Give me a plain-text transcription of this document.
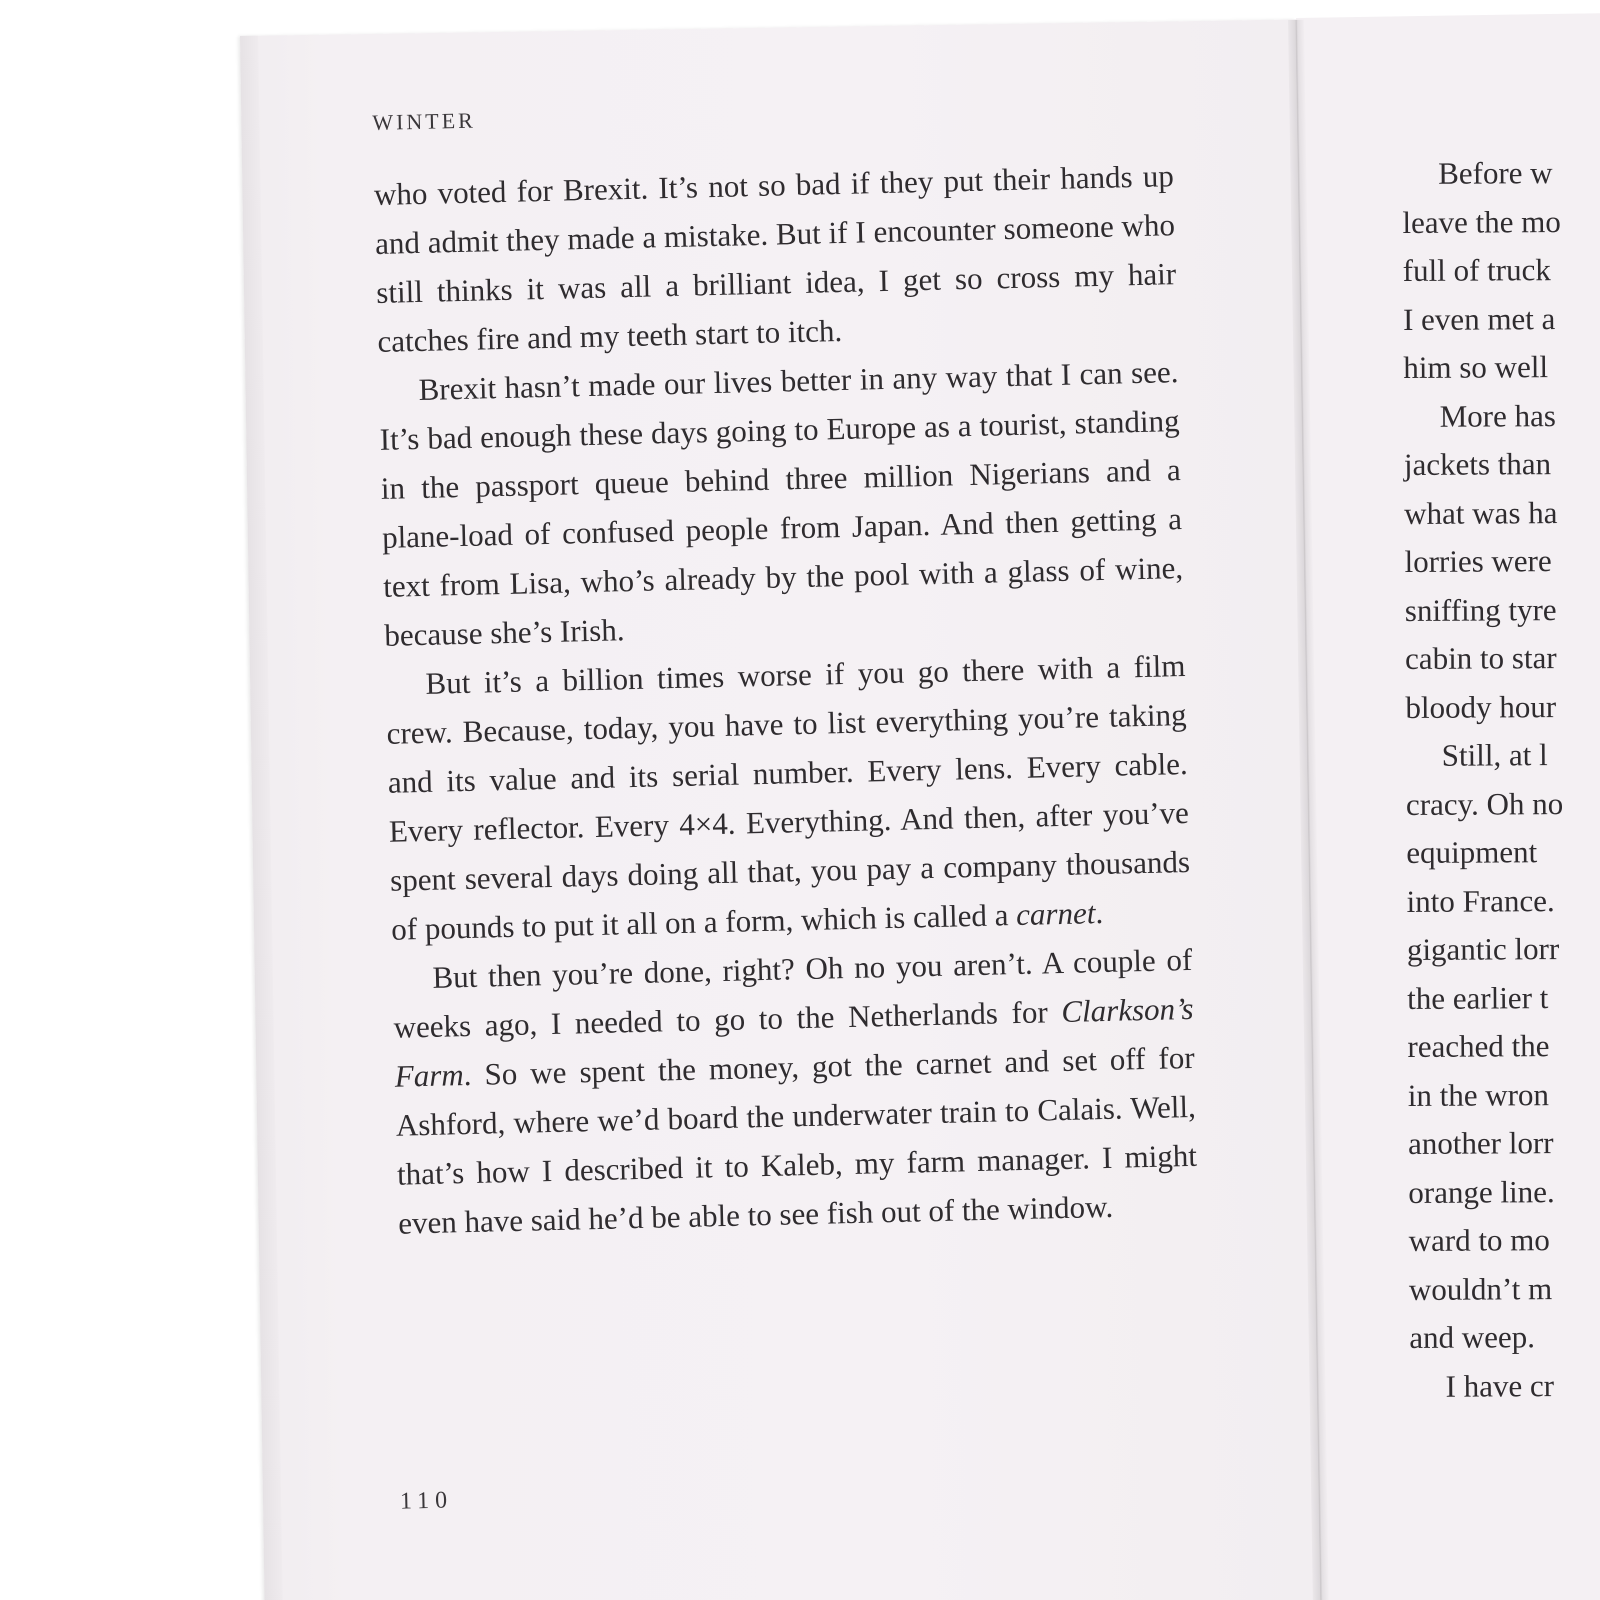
WINTER

who voted for Brexit. It’s not so bad if they put their hands up and admit they made a mistake. But if I encounter someone who still thinks it was all a brilliant idea, I get so cross my hair catches fire and my teeth start to itch.

Brexit hasn’t made our lives better in any way that I can see. It’s bad enough these days going to Europe as a tourist, standing in the passport queue behind three million Nigerians and a plane-load of confused people from Japan. And then getting a text from Lisa, who’s already by the pool with a glass of wine, because she’s Irish.

But it’s a billion times worse if you go there with a film crew. Because, today, you have to list everything you’re taking and its value and its serial number. Every lens. Every cable. Every reflector. Every 4×4. Everything. And then, after you’ve spent several days doing all that, you pay a company thousands of pounds to put it all on a form, which is called a carnet.

But then you’re done, right? Oh no you aren’t. A couple of weeks ago, I needed to go to the Netherlands for Clarkson’s Farm. So we spent the money, got the carnet and set off for Ashford, where we’d board the underwater train to Calais. Well, that’s how I described it to Kaleb, my farm manager. I might even have said he’d be able to see fish out of the window.

110
Before w
leave the mo
full of truck
I even met a
him so well
More has
jackets than
what was ha
lorries were
sniffing tyre
cabin to star
bloody hour
Still, at l
cracy. Oh no
equipment
into France.
gigantic lorr
the earlier t
reached the
in the wron
another lorr
orange line.
ward to mo
wouldn’t m
and weep.
I have cr
